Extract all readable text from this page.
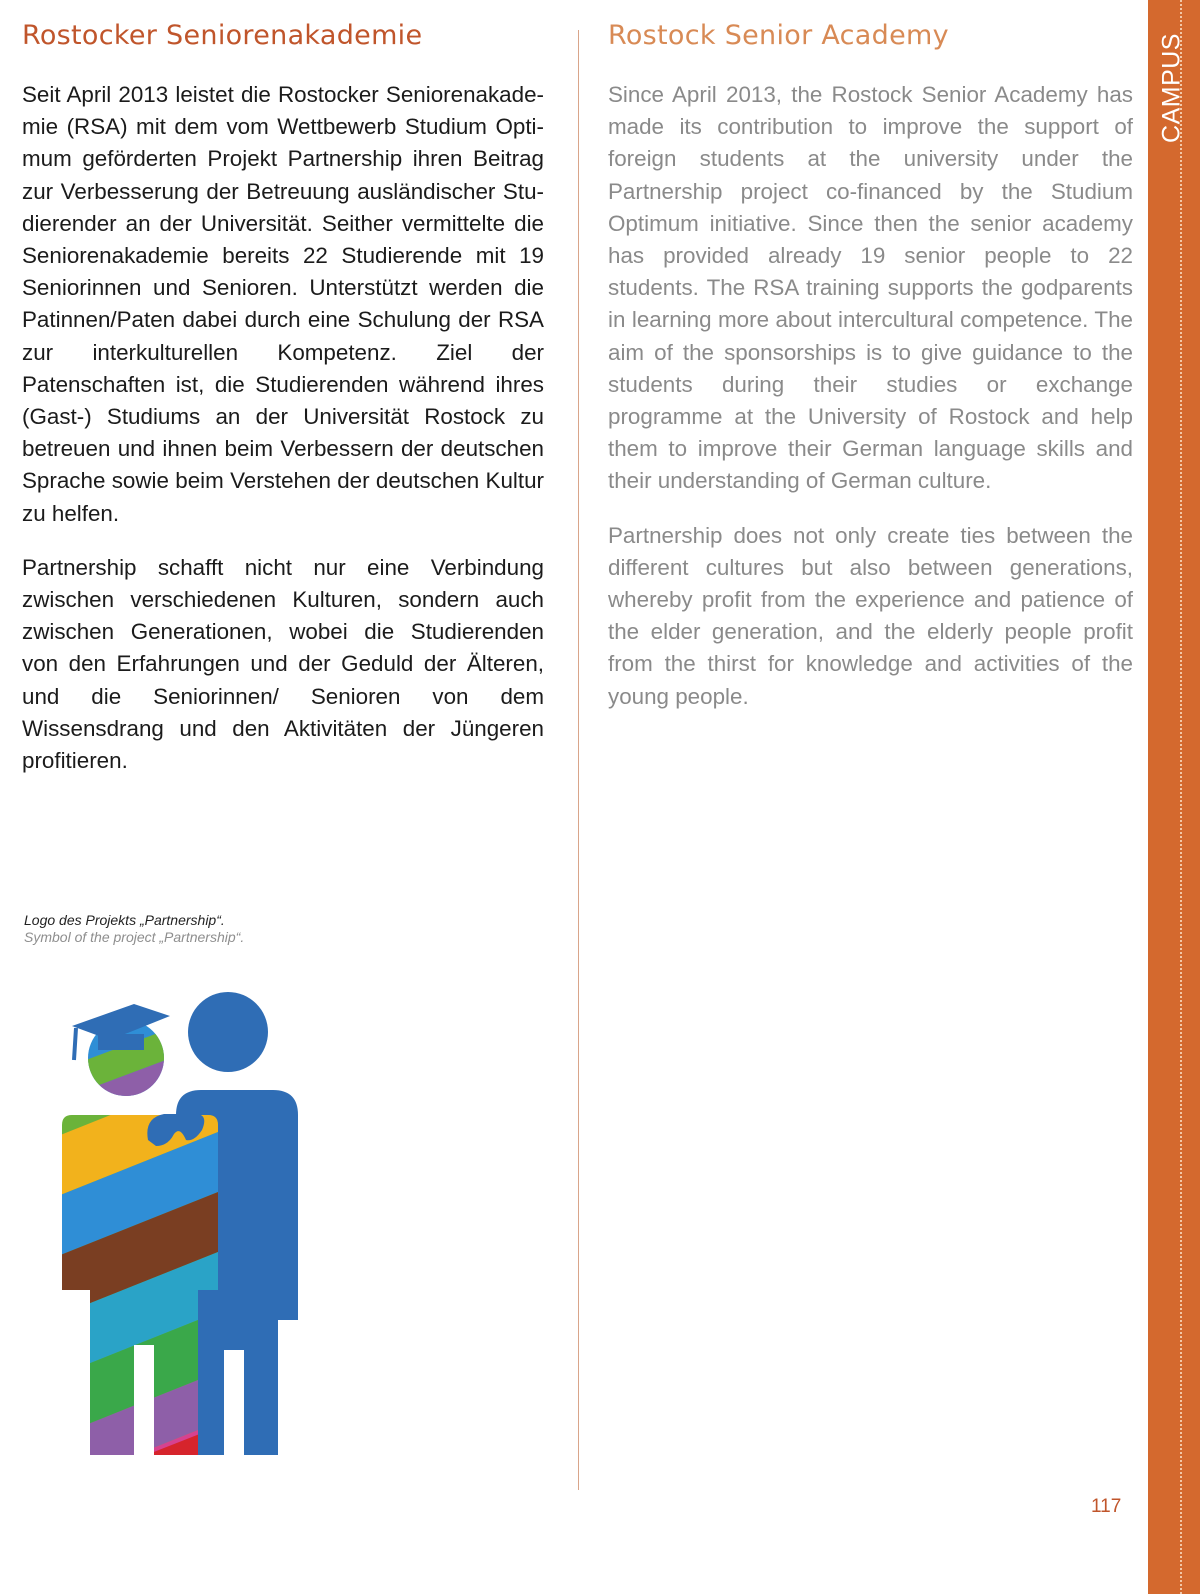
Rostocker Seniorenakademie

Seit April 2013 leistet die Rostocker Seniorenakademie (RSA) mit dem vom Wettbewerb Studium Optimum geförderten Projekt Partnership ihren Beitrag zur Verbesserung der Betreuung ausländischer Studierender an der Universität. Seither vermittelte die Seniorenakademie bereits 22 Studierende mit 19 Seniorinnen und Senioren. Unterstützt werden die Patinnen/Paten dabei durch eine Schulung der RSA zur interkulturellen Kompetenz. Ziel der Patenschaften ist, die Studierenden während ihres (Gast-) Studiums an der Universität Rostock zu betreuen und ihnen beim Verbessern der deutschen Sprache sowie beim Verstehen der deutschen Kultur zu helfen.

Partnership schafft nicht nur eine Verbindung zwischen verschiedenen Kulturen, sondern auch zwischen Generationen, wobei die Studierenden von den Erfahrungen und der Geduld der Älteren, und die Seniorinnen/ Senioren von dem Wissensdrang und den Aktivitäten der Jüngeren profitieren.

Rostock Senior Academy

Since April 2013, the Rostock Senior Academy has made its contribution to improve the support of foreign students at the university under the Partnership project co-financed by the Studium Optimum initiative. Since then the senior academy has provided already 19 senior people to 22 students. The RSA training supports the godparents in learning more about intercultural competence. The aim of the sponsorships is to give guidance to the students during their studies or exchange programme at the University of Rostock and help them to improve their German language skills and their understanding of German culture.

Partnership does not only create ties between the different cultures but also between generations, whereby profit from the experience and patience of the elder generation, and the elderly people profit from the thirst for knowledge and activities of the young people.

Logo des Projekts „Partnership“.
Symbol of the project „Partnership“.
CAMPUS
117
